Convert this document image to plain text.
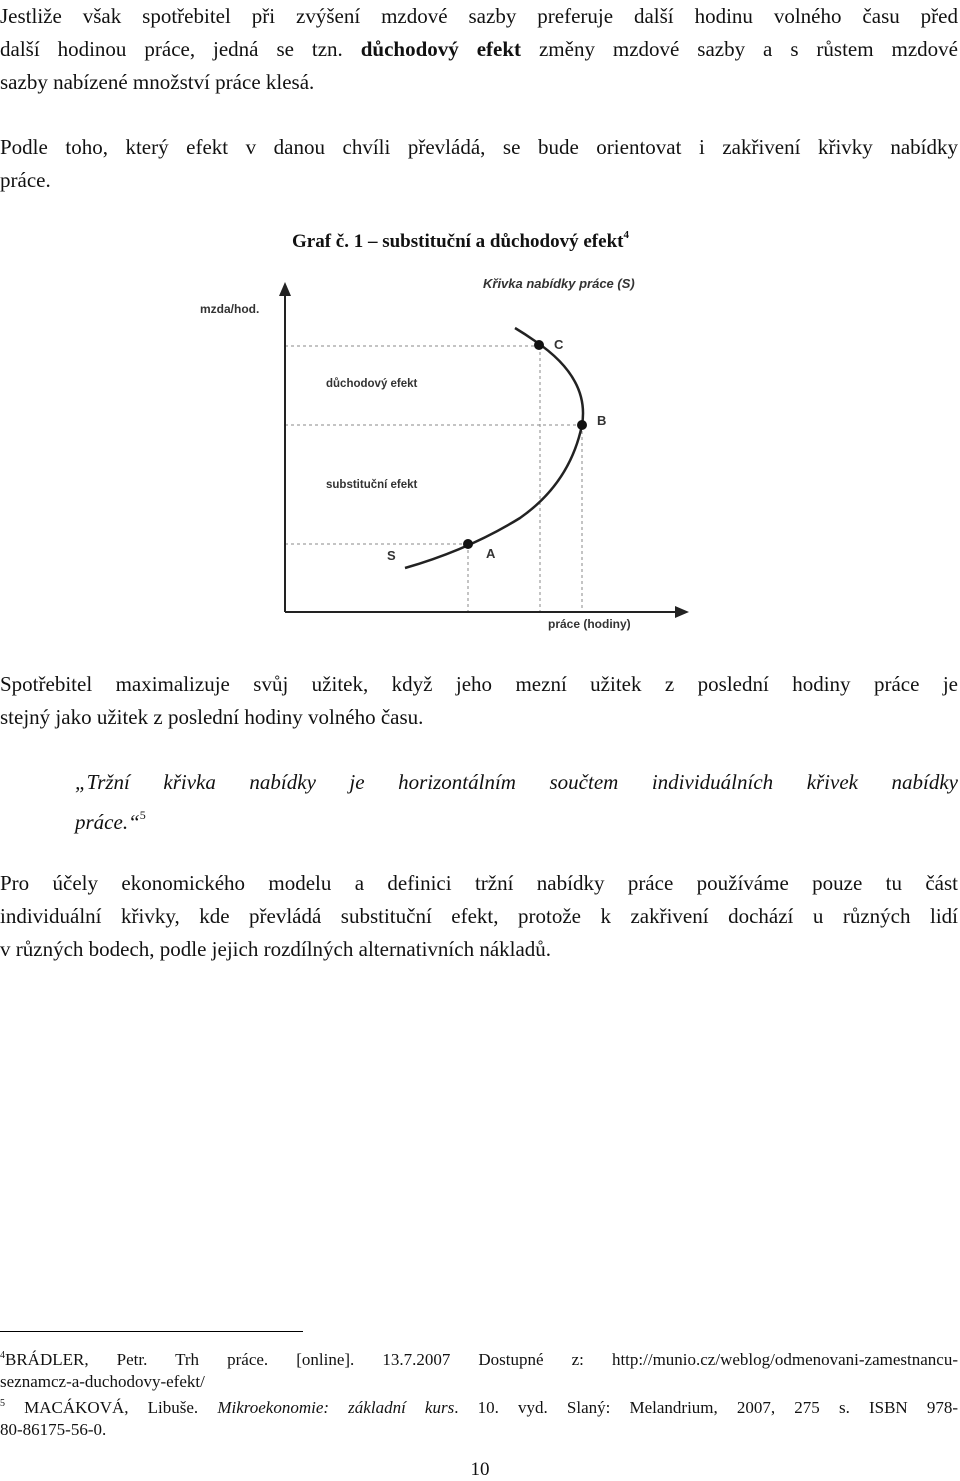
Jestliže však spotřebitel při zvýšení mzdové sazby preferuje další hodinu volného času před
další hodinou práce, jedná se tzn. důchodový efekt změny mzdové sazby a s růstem mzdové
sazby nabízené množství práce klesá.
Podle toho, který efekt v danou chvíli převládá, se bude orientovat i zakřivení křivky nabídky
práce.
Graf č. 1 – substituční a důchodový efekt$^4$
mzda/hod.
práce (hodiny)
Křivka nabídky práce (S)
důchodový efekt
substituční efekt
C
B
A
S
Spotřebitel maximalizuje svůj užitek, když jeho mezní užitek z poslední hodiny práce je
stejný jako užitek z poslední hodiny volného času.
„Tržní křivka nabídky je horizontálním součtem individuálních křivek nabídky
práce.“$^5$
Pro účely ekonomického modelu a definici tržní nabídky práce používáme pouze tu část
individuální křivky, kde převládá substituční efekt, protože k zakřivení dochází u různých lidí
v různých bodech, podle jejich rozdílných alternativních nákladů.
$^4$BRÁDLER, Petr. Trh práce. [online]. 13.7.2007 Dostupné z: http://munio.cz/weblog/odmenovani-zamestnancu-
seznamcz-a-duchodovy-efekt/
$^5$ MACÁKOVÁ, Libuše. Mikroekonomie: základní kurs. 10. vyd. Slaný: Melandrium, 2007, 275 s. ISBN 978-
80-86175-56-0.
10
